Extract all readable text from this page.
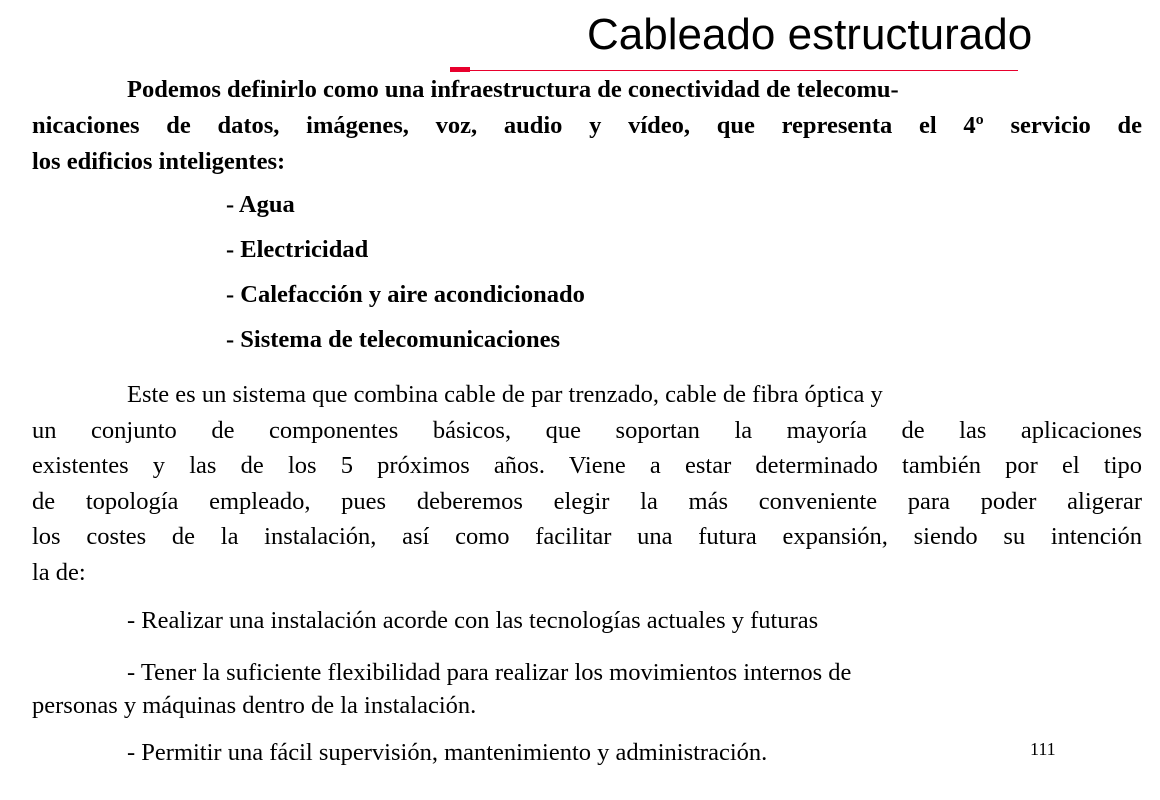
Cableado estructurado
Podemos definirlo como una infraestructura de conectividad de telecomu-
nicaciones de datos, imágenes, voz, audio y vídeo, que representa el 4º servicio de
los edificios inteligentes:
- Agua
- Electricidad
- Calefacción y aire acondicionado
- Sistema de telecomunicaciones
Este es un sistema que combina cable de par trenzado, cable de fibra óptica y
un conjunto de componentes básicos, que soportan la mayoría de las aplicaciones
existentes y las de los 5 próximos años. Viene a estar determinado también por el tipo
de topología empleado, pues deberemos elegir la más conveniente para poder aligerar
los costes de la instalación, así como facilitar una futura expansión, siendo su intención
la de:
- Realizar una instalación acorde con las tecnologías actuales y futuras
- Tener la suficiente flexibilidad para realizar los movimientos internos de
personas y máquinas dentro de la instalación.
- Permitir una fácil supervisión, mantenimiento y administración.	111
